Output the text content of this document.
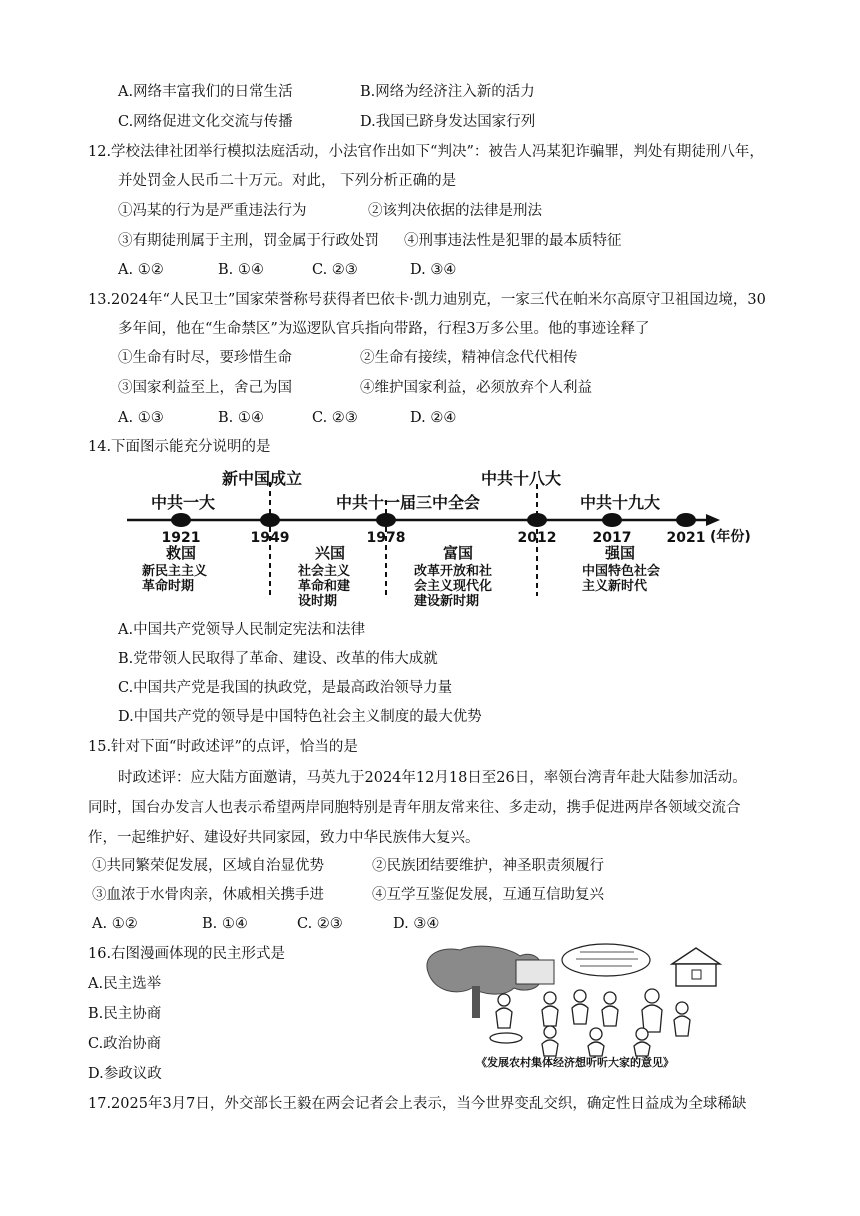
A.网络丰富我们的日常生活	B.网络为经济注入新的活力
C.网络促进文化交流与传播	D.我国已跻身发达国家行列
12.学校法律社团举行模拟法庭活动，小法官作出如下“判决”：被告人冯某犯诈骗罪，判处有期徒刑八年，
并处罚金人民币二十万元。对此， 下列分析正确的是
①冯某的行为是严重违法行为	②该判决依据的法律是刑法
③有期徒刑属于主刑，罚金属于行政处罚 ④刑事违法性是犯罪的最本质特征
A. ①②	B. ①④	C. ②③	D. ③④
13.2024年“人民卫士”国家荣誉称号获得者巴依卡·凯力迪别克，一家三代在帕米尔高原守卫祖国边境，30
多年间，他在“生命禁区”为巡逻队官兵指向带路，行程3万多公里。他的事迹诠释了
①生命有时尽，要珍惜生命	②生命有接续，精神信念代代相传
③国家利益至上，舍己为国	④维护国家利益，必须放弃个人利益
A. ①③	B. ①④	C. ②③	D. ②④
14.下面图示能充分说明的是
新中国成立	中共十八大
中共一大	中共十一届三中全会	中共十九大
1921	1949	1978	2012	2017	2021 (年份)
救国	兴国	富国	强国
新民主主义
革命时期
社会主义
革命和建
设时期
改革开放和社
会主义现代化
建设新时期
中国特色社会
主义新时代
A.中国共产党领导人民制定宪法和法律
B.党带领人民取得了革命、建设、改革的伟大成就
C.中国共产党是我国的执政党，是最高政治领导力量
D.中国共产党的领导是中国特色社会主义制度的最大优势
15.针对下面“时政述评”的点评，恰当的是
时政述评：应大陆方面邀请，马英九于2024年12月18日至26日，率领台湾青年赴大陆参加活动。
同时，国台办发言人也表示希望两岸同胞特别是青年朋友常来往、多走动，携手促进两岸各领域交流合
作，一起维护好、建设好共同家园，致力中华民族伟大复兴。
①共同繁荣促发展，区域自治显优势	②民族团结要维护，神圣职责须履行
③血浓于水骨肉亲，休戚相关携手进	④互学互鉴促发展，互通互信助复兴
A. ①②	B. ①④	C. ②③	D. ③④
16.右图漫画体现的民主形式是
A.民主选举
B.民主协商
C.政治协商
D.参政议政
《发展农村集体经济想听听大家的意见》
17.2025年3月7日，外交部长王毅在两会记者会上表示，当今世界变乱交织，确定性日益成为全球稀缺
